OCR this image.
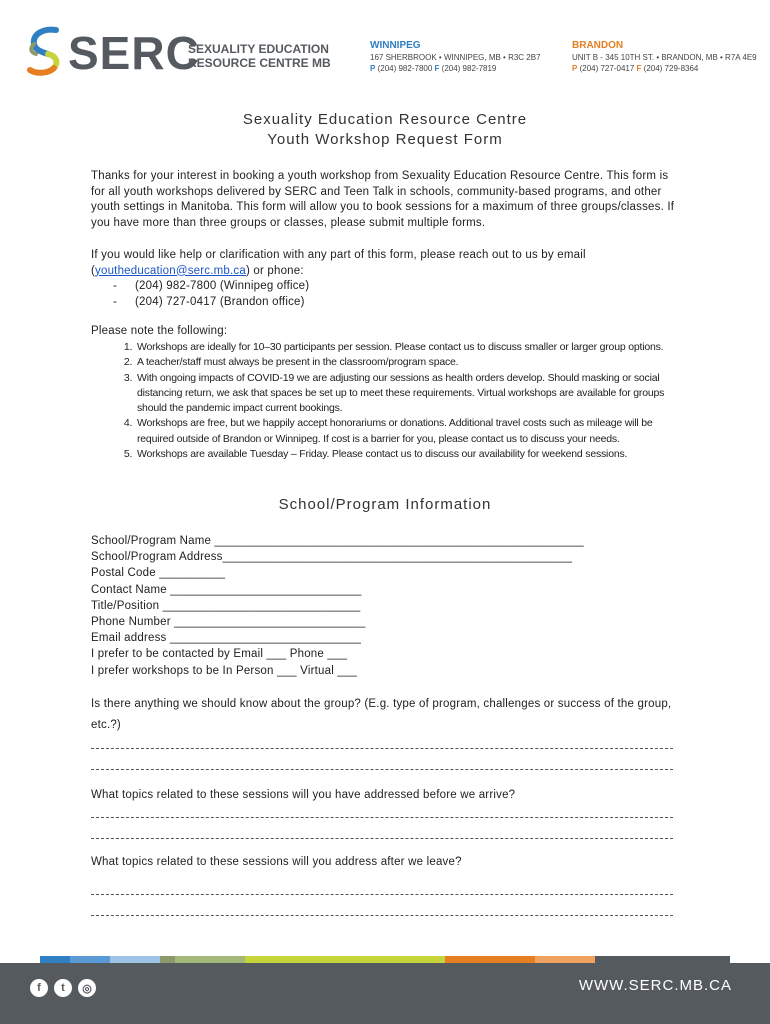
SERC
SEXUALITY EDUCATION
RESOURCE CENTRE MB
WINNIPEG
167 SHERBROOK • WINNIPEG, MB • R3C 2B7
P (204) 982-7800 F (204) 982-7819
BRANDON
UNIT B - 345 10TH ST. • BRANDON, MB • R7A 4E9
P (204) 727-0417 F (204) 729-8364
Sexuality Education Resource Centre
Youth Workshop Request Form
Thanks for your interest in booking a youth workshop from Sexuality Education Resource Centre. This form is for all youth workshops delivered by SERC and Teen Talk in schools, community-based programs, and other youth settings in Manitoba. This form will allow you to book sessions for a maximum of three groups/classes. If you have more than three groups or classes, please submit multiple forms.
If you would like help or clarification with any part of this form, please reach out to us by email
(youtheducation@serc.mb.ca) or phone:
- (204) 982-7800 (Winnipeg office)
- (204) 727-0417 (Brandon office)
Please note the following:
1. Workshops are ideally for 10–30 participants per session. Please contact us to discuss smaller or larger group options.
2. A teacher/staff must always be present in the classroom/program space.
3. With ongoing impacts of COVID-19 we are adjusting our sessions as health orders develop. Should masking or social distancing return, we ask that spaces be set up to meet these requirements. Virtual workshops are available for groups should the pandemic impact current bookings.
4. Workshops are free, but we happily accept honorariums or donations. Additional travel costs such as mileage will be required outside of Brandon or Winnipeg. If cost is a barrier for you, please contact us to discuss your needs.
5. Workshops are available Tuesday – Friday. Please contact us to discuss our availability for weekend sessions.
School/Program Information
School/Program Name ________________________________________________________
School/Program Address_____________________________________________________
Postal Code __________
Contact Name _____________________________
Title/Position ______________________________
Phone Number _____________________________
Email address _____________________________
I prefer to be contacted by Email ___ Phone ___
I prefer workshops to be In Person ___ Virtual ___
Is there anything we should know about the group? (E.g. type of program, challenges or success of the group, etc.?)
What topics related to these sessions will you have addressed before we arrive?
What topics related to these sessions will you address after we leave?
f	t	◎	WWW.SERC.MB.CA
